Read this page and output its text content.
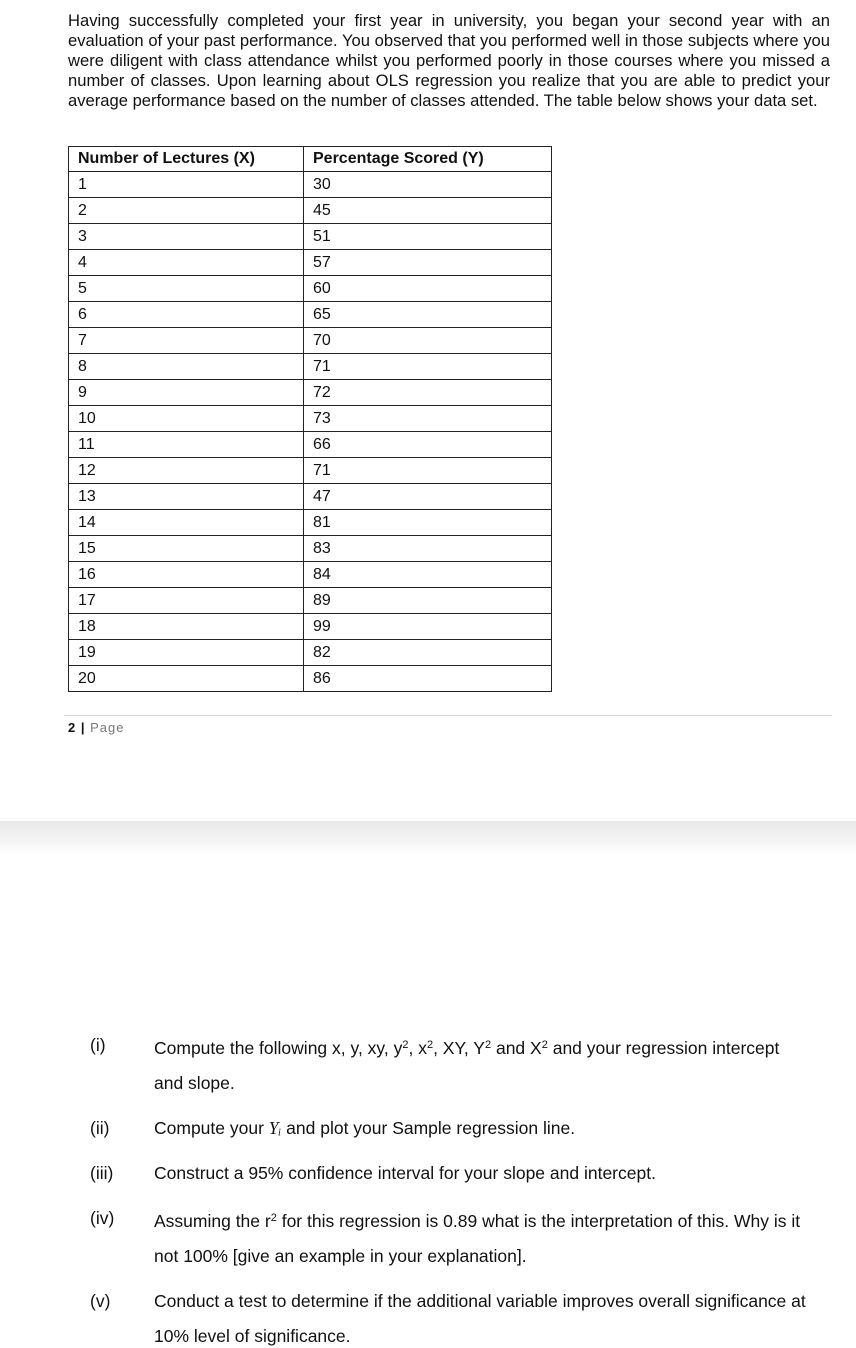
Having successfully completed your first year in university, you began your second year with an evaluation of your past performance. You observed that you performed well in those subjects where you were diligent with class attendance whilst you performed poorly in those courses where you missed a number of classes. Upon learning about OLS regression you realize that you are able to predict your average performance based on the number of classes attended. The table below shows your data set.

Number of Lectures (X)	Percentage Scored (Y)
1	30
2	45
3	51
4	57
5	60
6	65
7	70
8	71
9	72
10	73
11	66
12	71
13	47
14	81
15	83
16	84
17	89
18	99
19	82
20	86
2 | Page
(i)	Compute the following x, y, xy, $y^2$, $x^2$, XY, $Y^2$ and $X^2$ and your regression intercept and slope.
(ii)	Compute your Yᵢ and plot your Sample regression line.
(iii)	Construct a 95% confidence interval for your slope and intercept.
(iv)	Assuming the $r^2$ for this regression is 0.89 what is the interpretation of this. Why is it not 100% [give an example in your explanation].
(v)	Conduct a test to determine if the additional variable improves overall significance at 10% level of significance.
